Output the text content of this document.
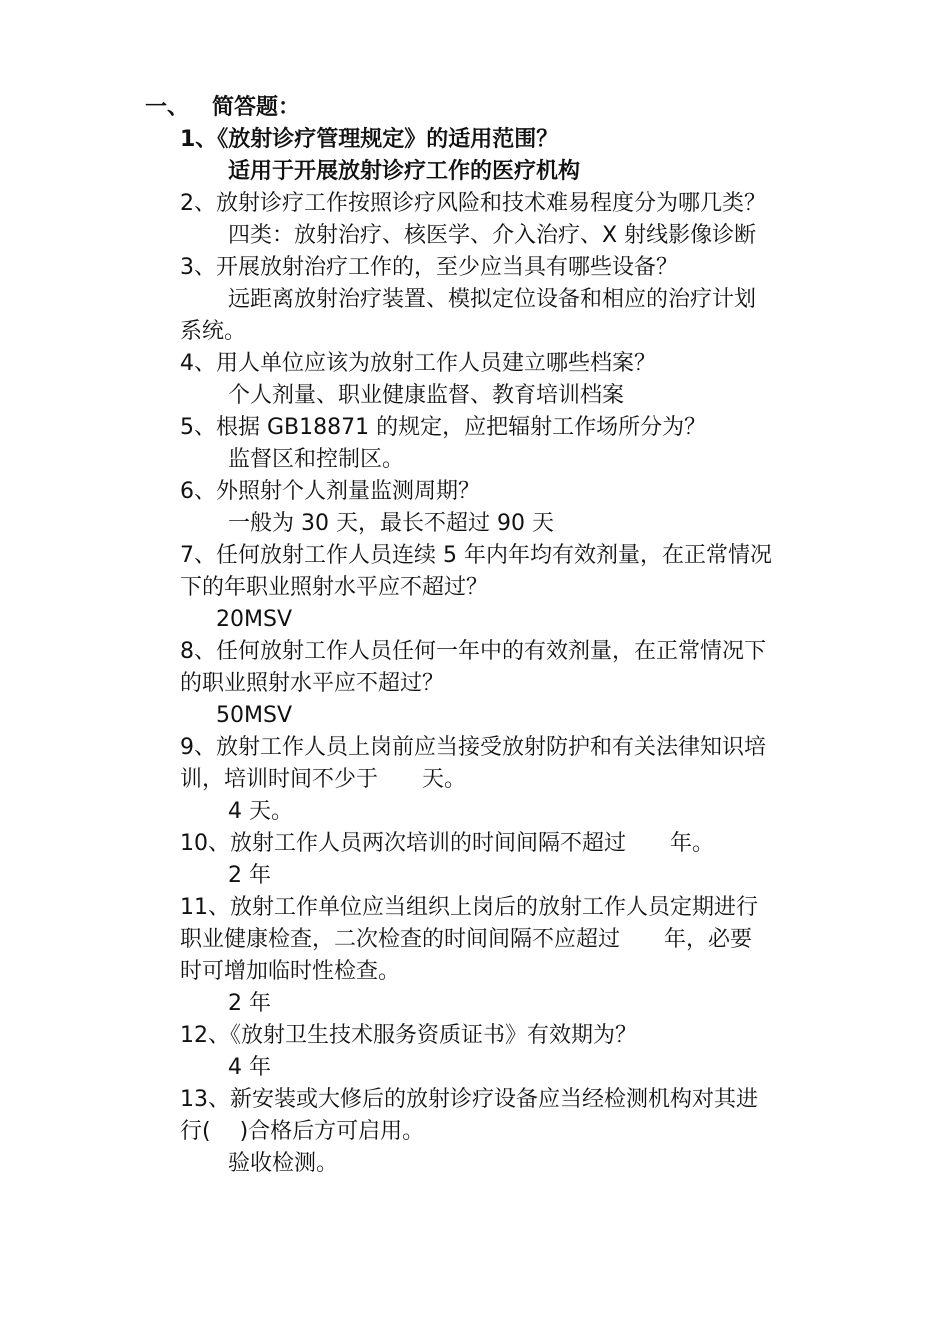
一、 简答题：
1、《放射诊疗管理规定》的适用范围？
适用于开展放射诊疗工作的医疗机构
2、放射诊疗工作按照诊疗风险和技术难易程度分为哪几类？
四类：放射治疗、核医学、介入治疗、X 射线影像诊断
3、开展放射治疗工作的，至少应当具有哪些设备？
远距离放射治疗装置、模拟定位设备和相应的治疗计划
系统。
4、用人单位应该为放射工作人员建立哪些档案？
个人剂量、职业健康监督、教育培训档案
5、根据 GB18871 的规定，应把辐射工作场所分为？
监督区和控制区。
6、外照射个人剂量监测周期？
一般为 30 天，最长不超过 90 天
7、任何放射工作人员连续 5 年内年均有效剂量，在正常情况
下的年职业照射水平应不超过？
20MSV
8、任何放射工作人员任何一年中的有效剂量，在正常情况下
的职业照射水平应不超过？
50MSV
9、放射工作人员上岗前应当接受放射防护和有关法律知识培
训，培训时间不少于　　天。
4 天。
10、放射工作人员两次培训的时间间隔不超过　　年。
2 年
11、放射工作单位应当组织上岗后的放射工作人员定期进行
职业健康检查，二次检查的时间间隔不应超过　　年，必要
时可增加临时性检查。
2 年
12、《放射卫生技术服务资质证书》有效期为？
4 年
13、新安装或大修后的放射诊疗设备应当经检测机构对其进
行(　 )合格后方可启用。
验收检测。
